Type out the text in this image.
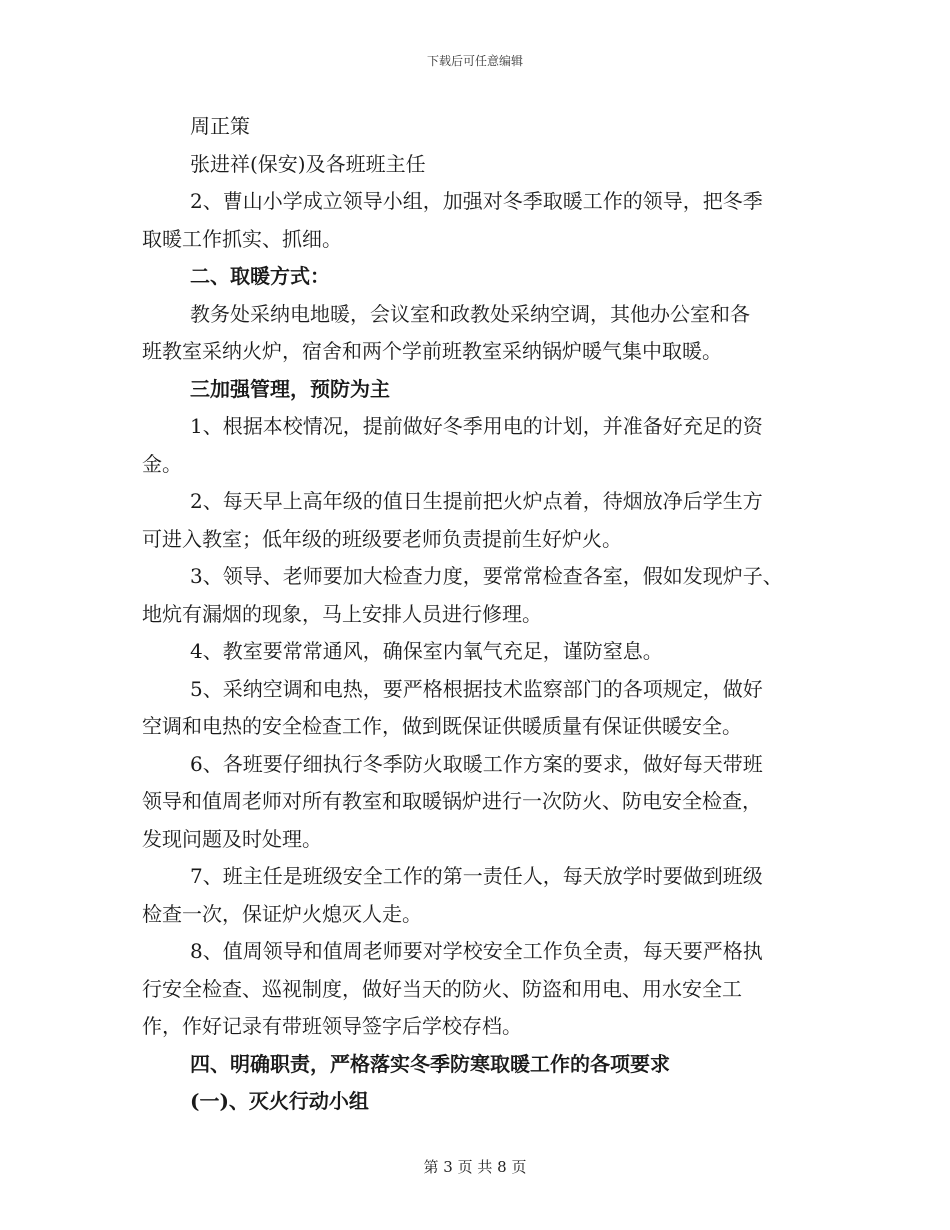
下载后可任意编辑
周正策
张进祥(保安)及各班班主任
2、曹山小学成立领导小组，加强对冬季取暖工作的领导，把冬季
取暖工作抓实、抓细。
二、取暖方式：
教务处采纳电地暖，会议室和政教处采纳空调，其他办公室和各
班教室采纳火炉，宿舍和两个学前班教室采纳锅炉暖气集中取暖。
三加强管理，预防为主
1、根据本校情况，提前做好冬季用电的计划，并准备好充足的资
金。
2、每天早上高年级的值日生提前把火炉点着，待烟放净后学生方
可进入教室；低年级的班级要老师负责提前生好炉火。
3、领导、老师要加大检查力度，要常常检查各室，假如发现炉子、
地炕有漏烟的现象，马上安排人员进行修理。
4、教室要常常通风，确保室内氧气充足，谨防窒息。
5、采纳空调和电热，要严格根据技术监察部门的各项规定，做好
空调和电热的安全检查工作，做到既保证供暖质量有保证供暖安全。
6、各班要仔细执行冬季防火取暖工作方案的要求，做好每天带班
领导和值周老师对所有教室和取暖锅炉进行一次防火、防电安全检查，
发现问题及时处理。
7、班主任是班级安全工作的第一责任人，每天放学时要做到班级
检查一次，保证炉火熄灭人走。
8、值周领导和值周老师要对学校安全工作负全责，每天要严格执
行安全检查、巡视制度，做好当天的防火、防盗和用电、用水安全工
作，作好记录有带班领导签字后学校存档。
四、明确职责，严格落实冬季防寒取暖工作的各项要求
(一)、灭火行动小组
第 3 页 共 8 页
